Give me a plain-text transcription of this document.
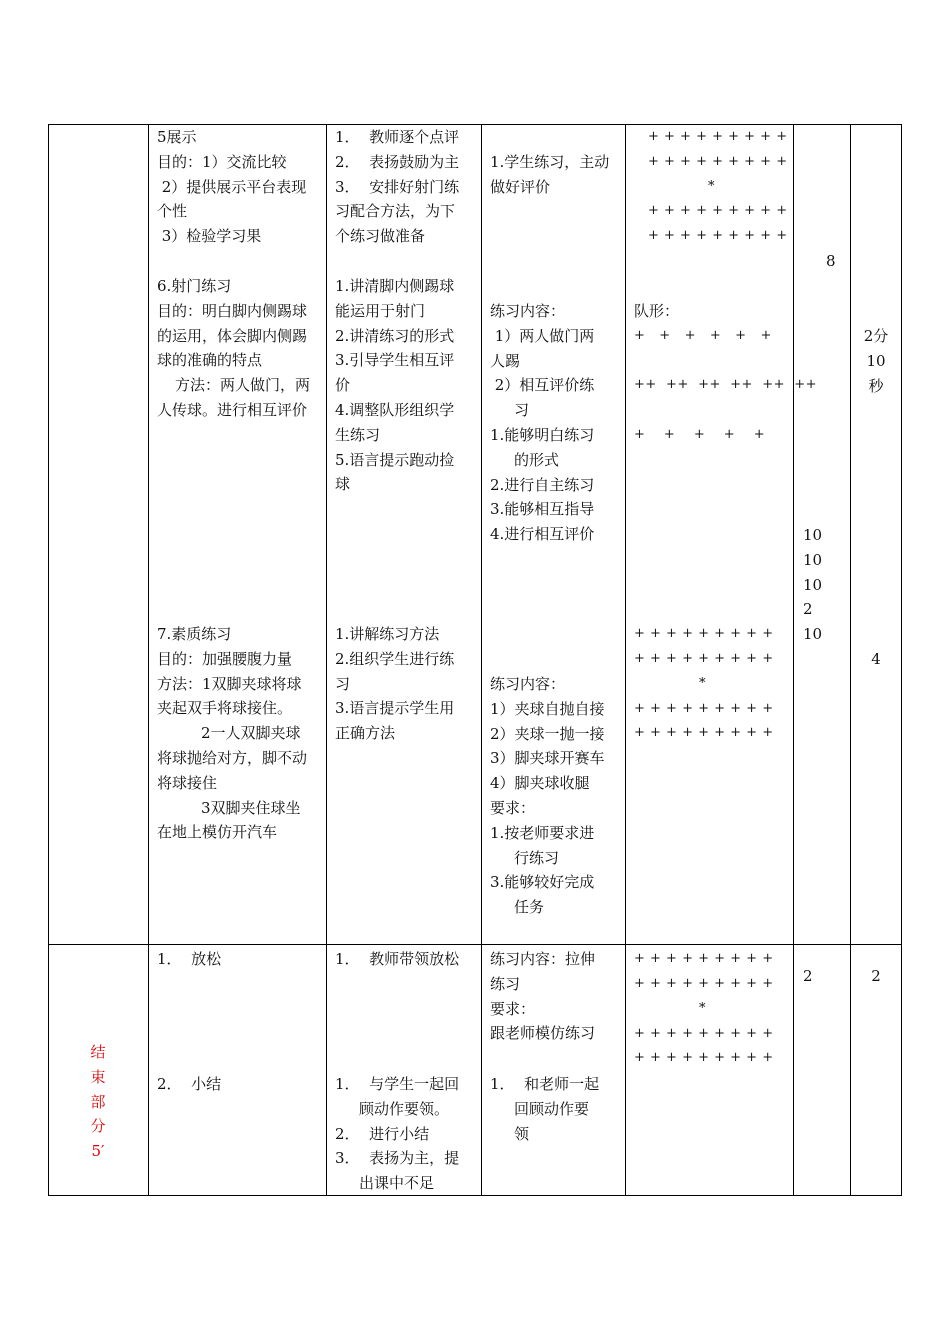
5展示
目的：1）交流比较
2）提供展示平台表现
个性
3）检验学习果
6.射门练习
目的：明白脚内侧踢球
的运用，体会脚内侧踢
球的准确的特点
方法：两人做门，两
人传球。进行相互评价
7.素质练习
目的：加强腰腹力量
方法：1双脚夹球将球
夹起双手将球接住。
2一人双脚夹球
将球抛给对方，脚不动
将球接住
3双脚夹住球坐
在地上模仿开汽车
1．  教师逐个点评
2．  表扬鼓励为主
3．  安排好射门练
习配合方法，为下
个练习做准备
1.讲清脚内侧踢球
能运用于射门
2.讲清练习的形式
3.引导学生相互评
价
4.调整队形组织学
生练习
5.语言提示跑动捡
球
1.讲解练习方法
2.组织学生进行练
习
3.语言提示学生用
正确方法
1.学生练习，主动
做好评价
练习内容：
1）两人做门两
人踢
2）相互评价练
习
1.能够明白练习
的形式
2.进行自主练习
3.能够相互指导
4.进行相互评价
练习内容：
1）夹球自抛自接
2）夹球一抛一接
3）脚夹球开赛车
4）脚夹球收腿
要求：
1.按老师要求进
行练习
3.能够较好完成
任务
+ + + + + + + + +
+ + + + + + + + +
*
+ + + + + + + + +
+ + + + + + + + +
队形：
+   +   +   +   +   +
++  ++  ++  ++  ++  ++
+    +    +    +    +
+ + + + + + + + +
+ + + + + + + + +
*
+ + + + + + + + +
+ + + + + + + + +
8
10
10
10
2
10
2分
10
秒
4
结
束
部
分
5′
1．  放松
2．  小结
1．  教师带领放松
1．  与学生一起回
顾动作要领。
2．  进行小结
3．  表扬为主，提
出课中不足
练习内容：拉伸
练习
要求：
跟老师模仿练习
1．  和老师一起
回顾动作要
领
+ + + + + + + + +
+ + + + + + + + +
*
+ + + + + + + + +
+ + + + + + + + +
2	2
